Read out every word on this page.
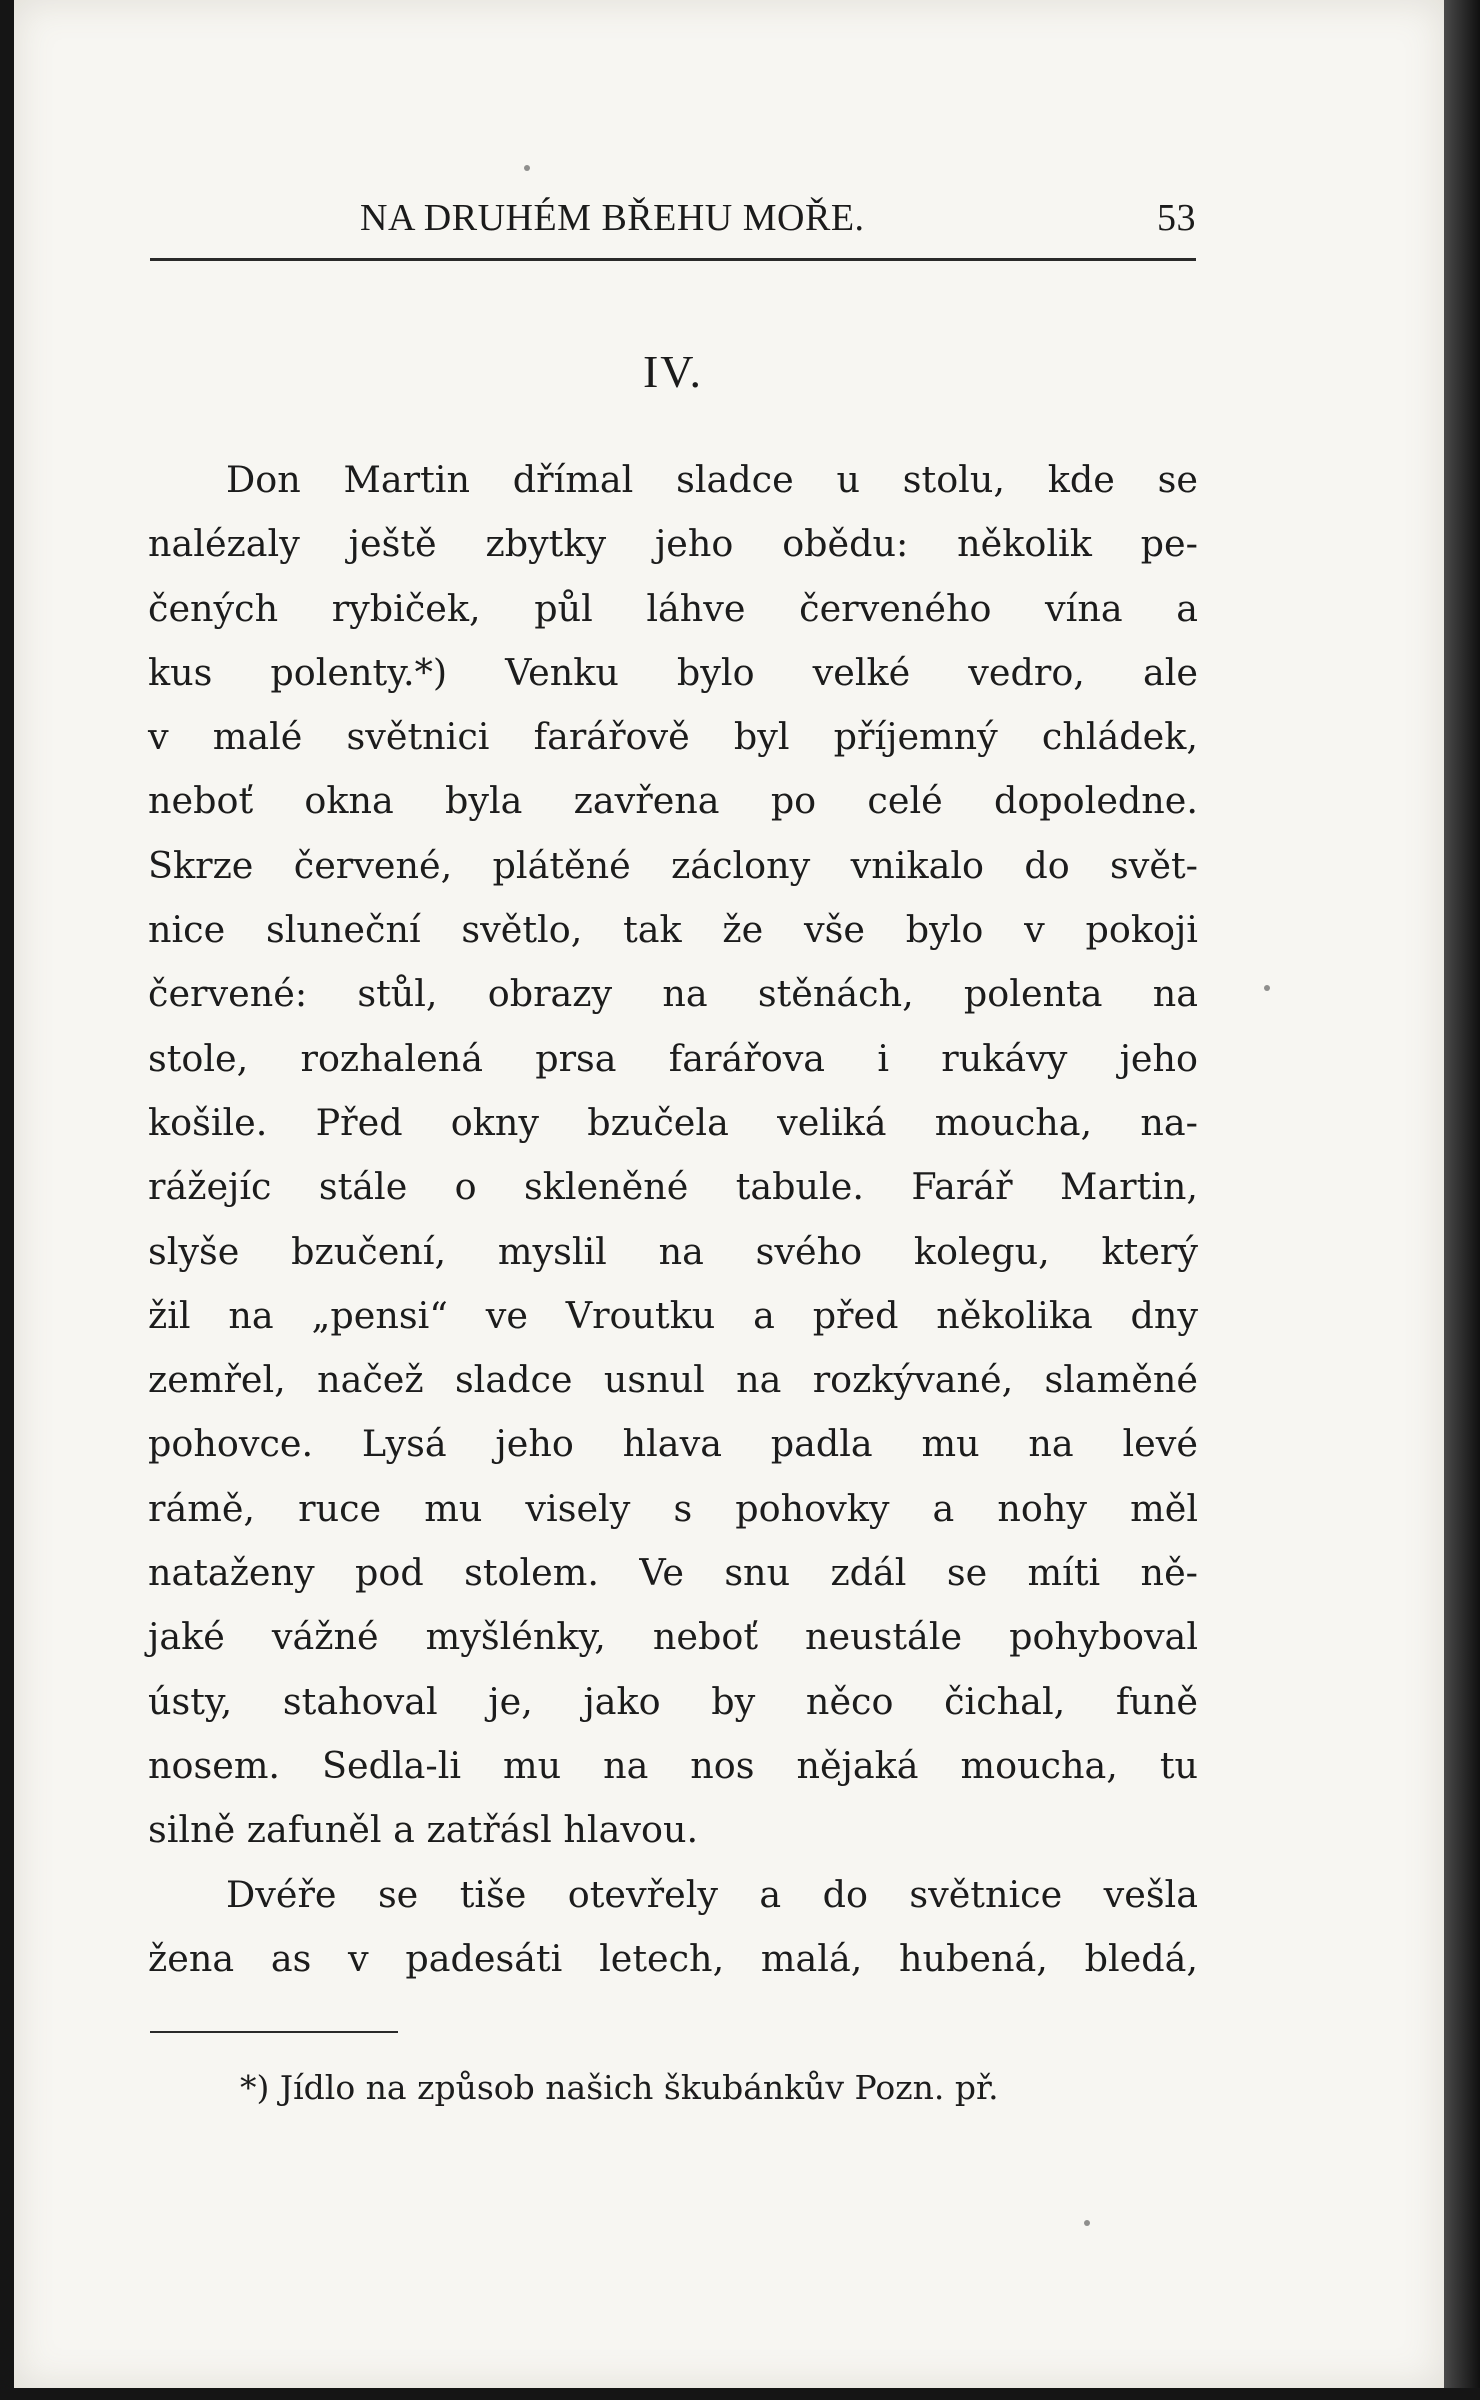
NA DRUHÉM BŘEHU MOŘE.	53
IV.
Don Martin dřímal sladce u stolu, kde se
nalézaly ještě zbytky jeho obědu: několik pe-
čených rybiček, půl láhve červeného vína a
kus polenty.*) Venku bylo velké vedro, ale
v malé světnici farářově byl příjemný chládek,
neboť okna byla zavřena po celé dopoledne.
Skrze červené, plátěné záclony vnikalo do svět-
nice sluneční světlo, tak že vše bylo v pokoji
červené: stůl, obrazy na stěnách, polenta na
stole, rozhalená prsa farářova i rukávy jeho
košile. Před okny bzučela veliká moucha, na-
rážejíc stále o skleněné tabule. Farář Martin,
slyše bzučení, myslil na svého kolegu, který
žil na „pensi“ ve Vroutku a před několika dny
zemřel, načež sladce usnul na rozkývané, slaměné
pohovce. Lysá jeho hlava padla mu na levé
rámě, ruce mu visely s pohovky a nohy měl
nataženy pod stolem. Ve snu zdál se míti ně-
jaké vážné myšlénky, neboť neustále pohyboval
ústy, stahoval je, jako by něco čichal, funě
nosem. Sedla-li mu na nos nějaká moucha, tu
silně zafuněl a zatřásl hlavou.
Dvéře se tiše otevřely a do světnice vešla
žena as v padesáti letech, malá, hubená, bledá,
*) Jídlo na způsob našich škubánkův Pozn. př.
